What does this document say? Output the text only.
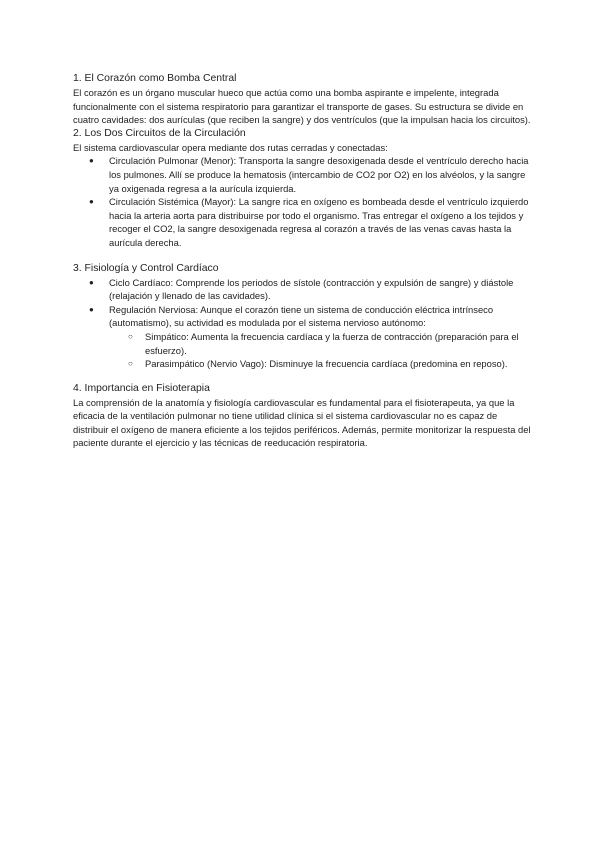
1. El Corazón como Bomba Central

El corazón es un órgano muscular hueco que actúa como una bomba aspirante e impelente, integrada funcionalmente con el sistema respiratorio para garantizar el transporte de gases. Su estructura se divide en cuatro cavidades: dos aurículas (que reciben la sangre) y dos ventrículos (que la impulsan hacia los circuitos).

2. Los Dos Circuitos de la Circulación

El sistema cardiovascular opera mediante dos rutas cerradas y conectadas:

● Circulación Pulmonar (Menor): Transporta la sangre desoxigenada desde el ventrículo derecho hacia los pulmones. Allí se produce la hematosis (intercambio de CO2 por O2) en los alvéolos, y la sangre ya oxigenada regresa a la aurícula izquierda.
● Circulación Sistémica (Mayor): La sangre rica en oxígeno es bombeada desde el ventrículo izquierdo hacia la arteria aorta para distribuirse por todo el organismo. Tras entregar el oxígeno a los tejidos y recoger el CO2, la sangre desoxigenada regresa al corazón a través de las venas cavas hasta la aurícula derecha.
3. Fisiología y Control Cardíaco
● Ciclo Cardíaco: Comprende los periodos de sístole (contracción y expulsión de sangre) y diástole (relajación y llenado de las cavidades).
● Regulación Nerviosa: Aunque el corazón tiene un sistema de conducción eléctrica intrínseco (automatismo), su actividad es modulada por el sistema nervioso autónomo:
○ Simpático: Aumenta la frecuencia cardíaca y la fuerza de contracción (preparación para el esfuerzo).
○ Parasimpático (Nervio Vago): Disminuye la frecuencia cardíaca (predomina en reposo).
4. Importancia en Fisioterapia

La comprensión de la anatomía y fisiología cardiovascular es fundamental para el fisioterapeuta, ya que la eficacia de la ventilación pulmonar no tiene utilidad clínica si el sistema cardiovascular no es capaz de distribuir el oxígeno de manera eficiente a los tejidos periféricos. Además, permite monitorizar la respuesta del paciente durante el ejercicio y las técnicas de reeducación respiratoria.
